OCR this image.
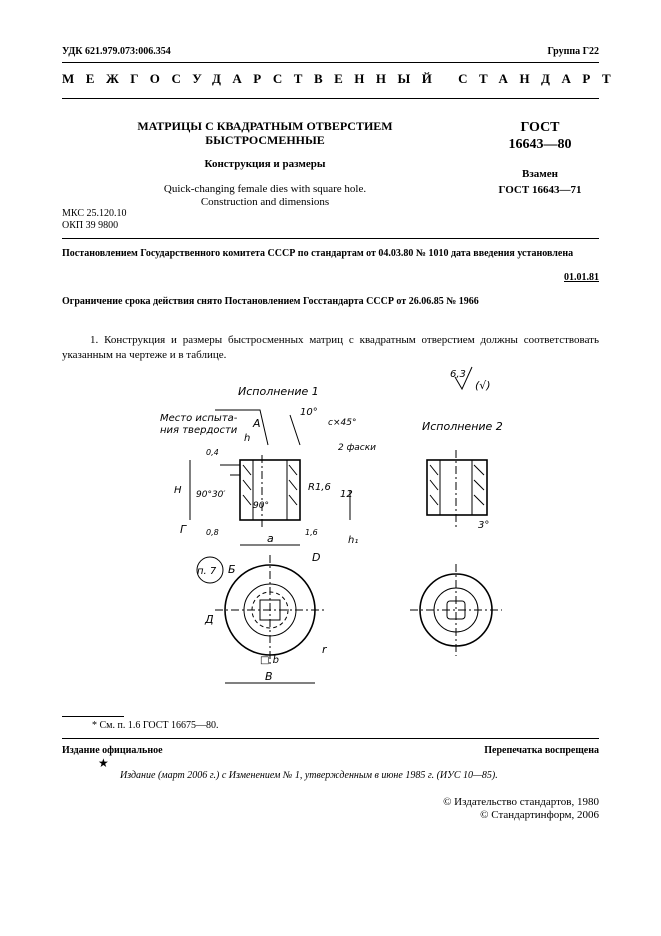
УДК 621.979.073:006.354	Группа Г22
МЕЖГОСУДАРСТВЕННЫЙ СТАНДАРТ
МАТРИЦЫ С КВАДРАТНЫМ ОТВЕРСТИЕМ
БЫСТРОСМЕННЫЕ
Конструкция и размеры
Quick-changing female dies with square hole.
Construction and dimensions
ГОСТ
16643—80
Взамен
ГОСТ 16643—71
МКС 25.120.10
ОКП 39 9800
Постановлением Государственного комитета СССР по стандартам от 04.03.80 № 1010 дата введения установлена
01.01.81
Ограничение срока действия снято Постановлением Госстандарта СССР от 26.06.85 № 1966
1. Конструкция и размеры быстросменных матриц с квадратным отверстием должны соответствовать указанным на чертеже и в таблице.
Исполнение 1
Исполнение 2
Место испыта-
ния твердости
6,3
(√)
10°
c×45°
2 фаски
А
Б
Г
D
Д
h
H
h₁
a
□ b
B
r
12
R1,6
90°
90°30′
3°
0,4
0,8	1,6
п. 7
* См. п. 1.6 ГОСТ 16675—80.
Издание официальное	Перепечатка воспрещена
★
Издание (март 2006 г.) с Изменением № 1, утвержденным в июне 1985 г. (ИУС 10—85).
© Издательство стандартов, 1980
© Стандартинформ, 2006
